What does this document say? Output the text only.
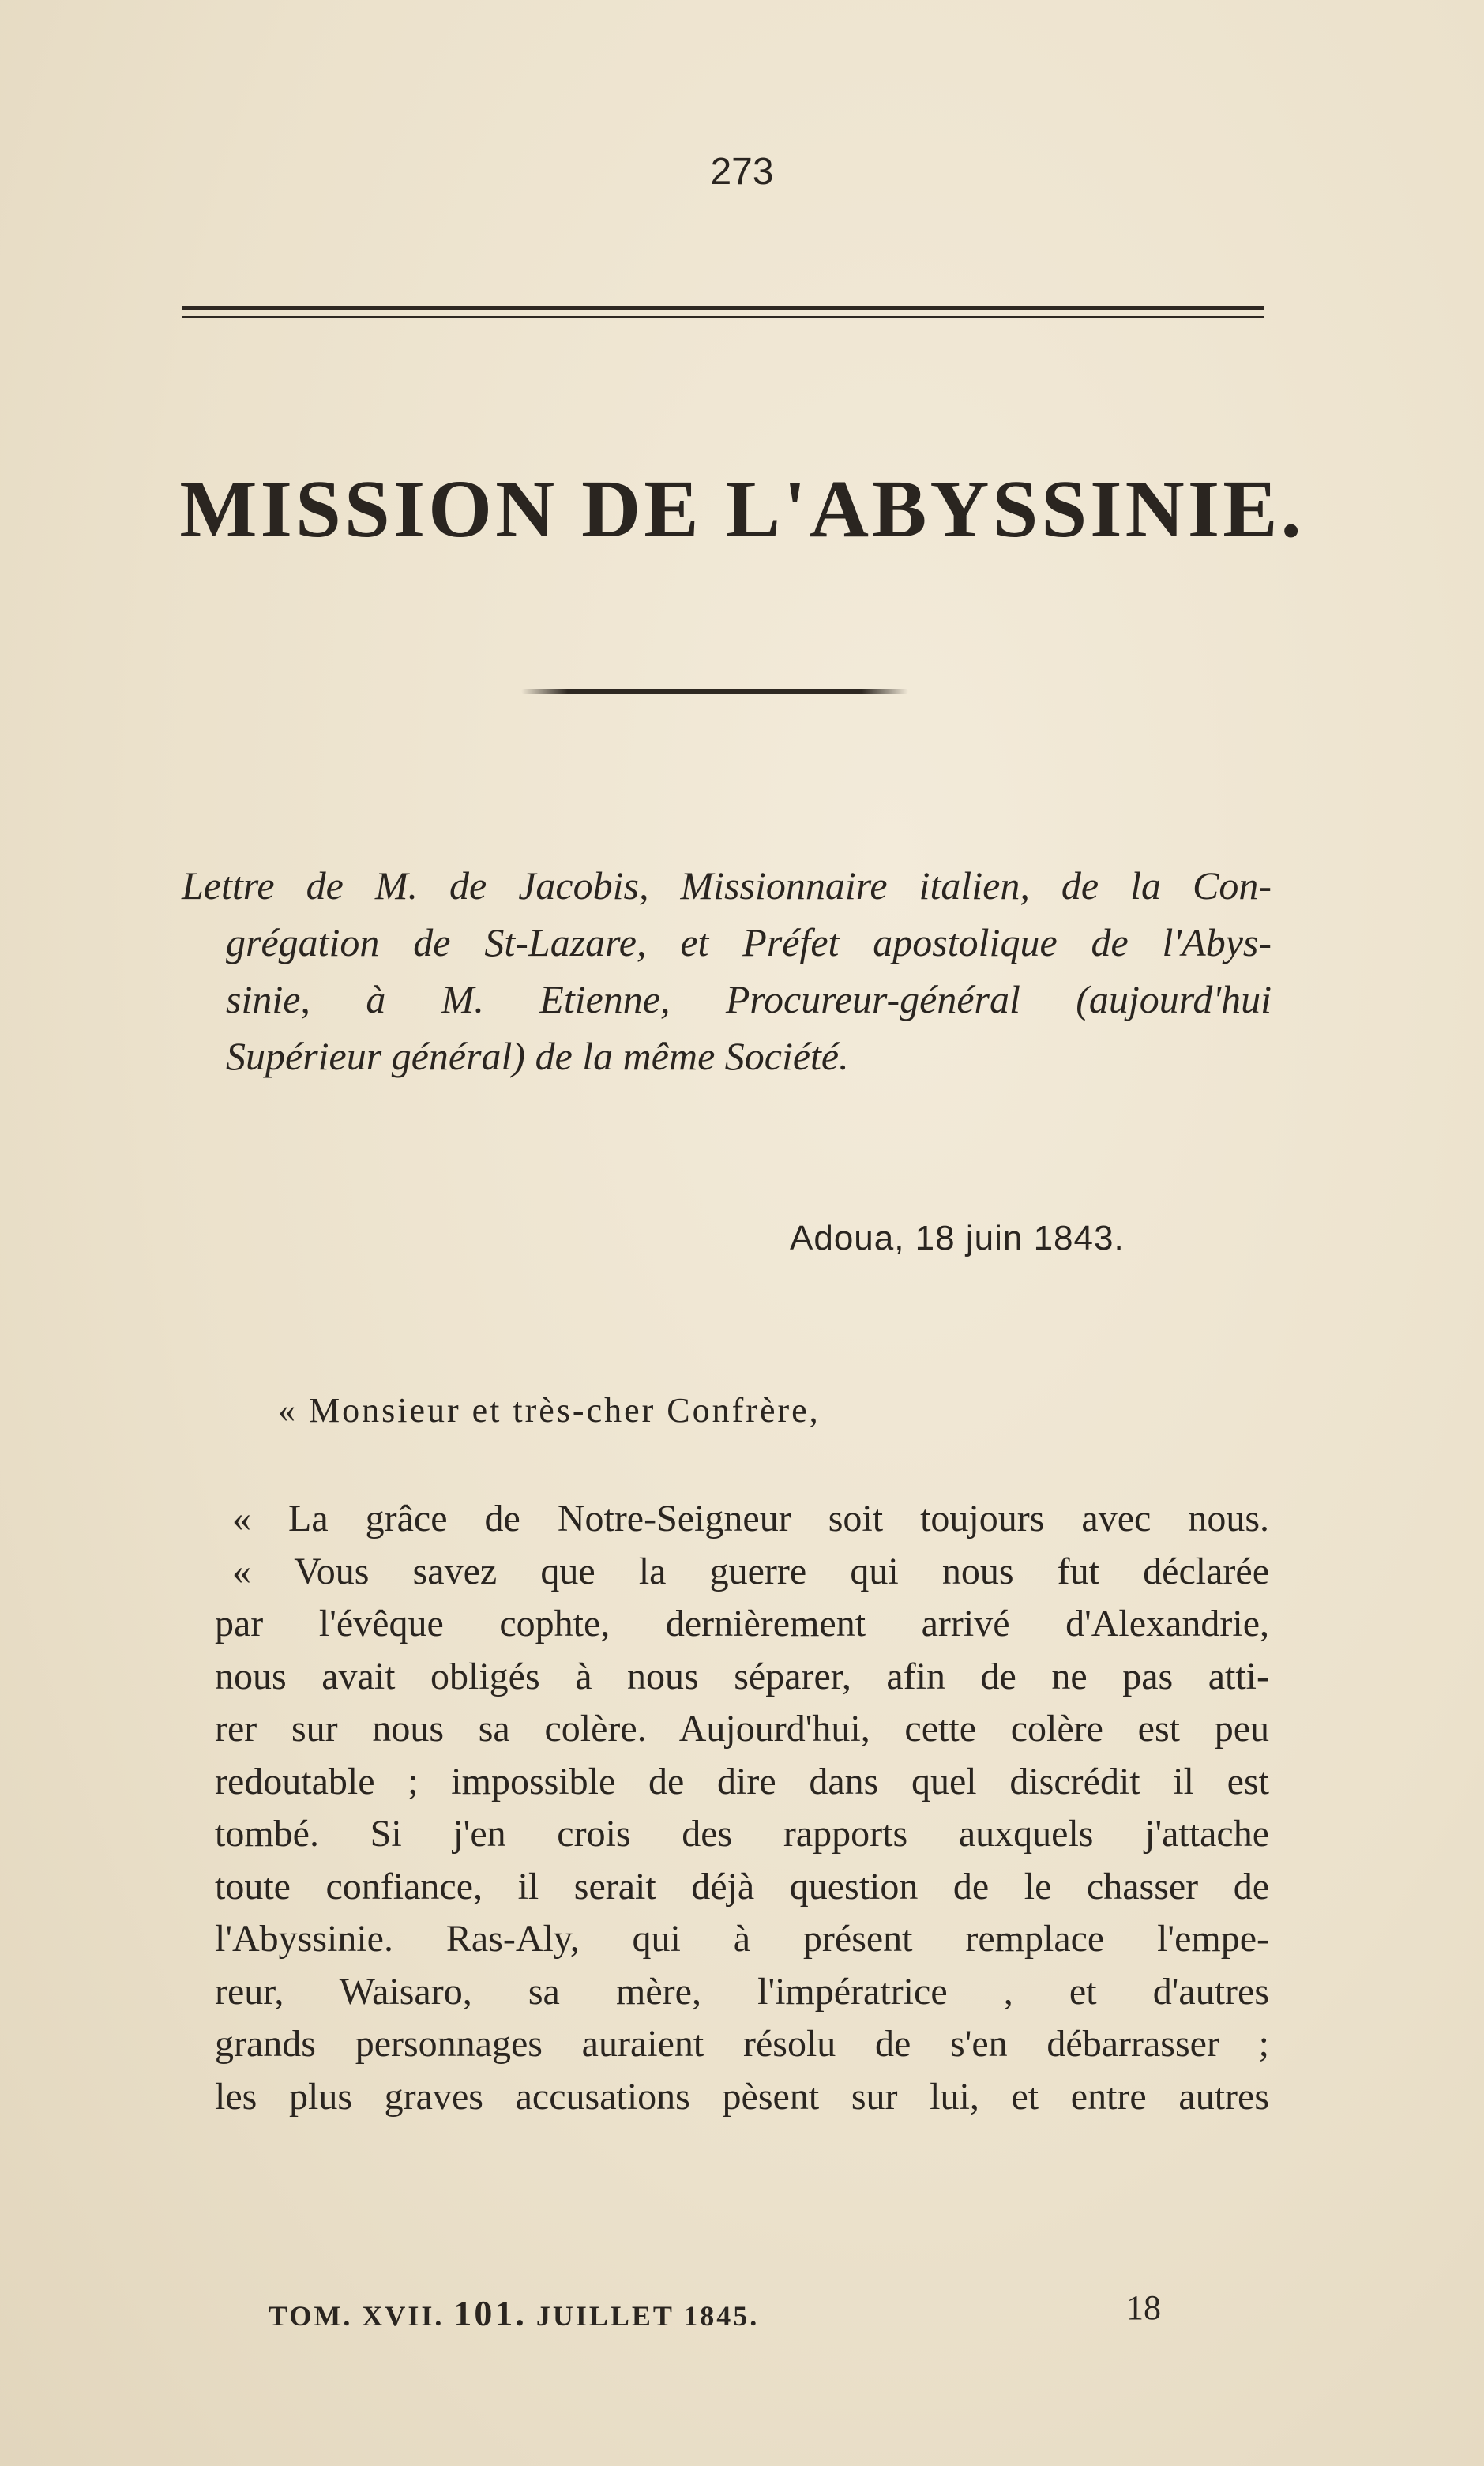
273
MISSION DE L'ABYSSINIE.

Lettre de M. de Jacobis, Missionnaire italien, de la Con-
grégation de St-Lazare, et Préfet apostolique de l'Abys-
sinie, à M. Etienne, Procureur-général (aujourd'hui
Supérieur général) de la même Société.

Adoua, 18 juin 1843.
« Monsieur et très-cher Confrère,
« La grâce de Notre-Seigneur soit toujours avec nous.
« Vous savez que la guerre qui nous fut déclarée
par l'évêque cophte, dernièrement arrivé d'Alexandrie,
nous avait obligés à nous séparer, afin de ne pas atti-
rer sur nous sa colère. Aujourd'hui, cette colère est peu
redoutable ; impossible de dire dans quel discrédit il est
tombé. Si j'en crois des rapports auxquels j'attache
toute confiance, il serait déjà question de le chasser de
l'Abyssinie. Ras-Aly, qui à présent remplace l'empe-
reur, Waisaro, sa mère, l'impératrice , et d'autres
grands personnages auraient résolu de s'en débarrasser ;
les plus graves accusations pèsent sur lui, et entre autres
TOM. XVII. 101. JUILLET 1845.	18
